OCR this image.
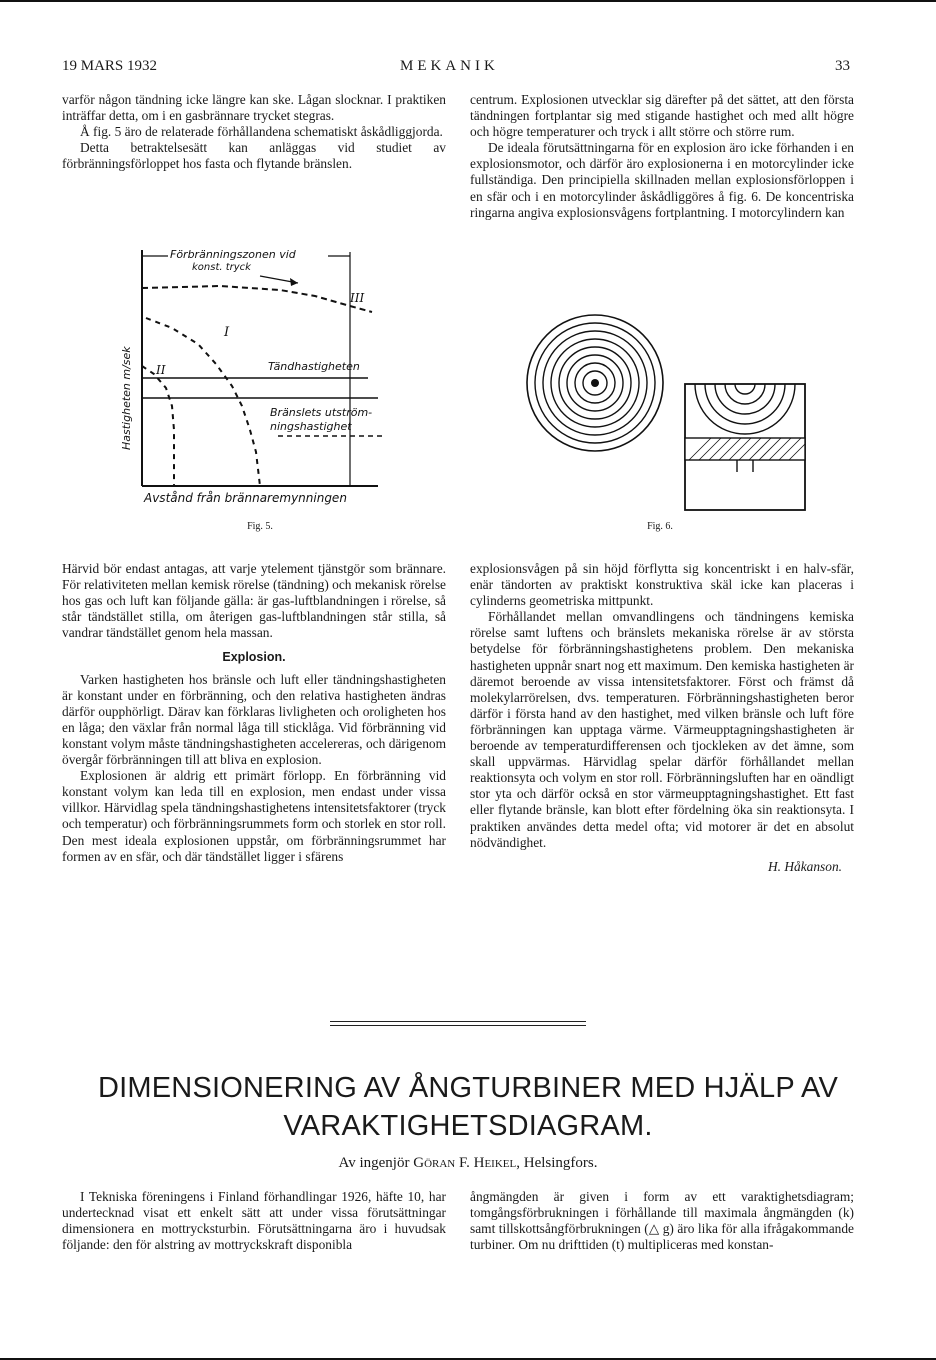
19 MARS 1932	MEKANIK	33

varför någon tändning icke längre kan ske. Lågan slocknar. I praktiken inträffar detta, om i en gasbrännare trycket stegras.

Å fig. 5 äro de relaterade förhållandena schematiskt åskådliggjorda.

Detta betraktelsesätt kan anläggas vid studiet av förbränningsförloppet hos fasta och flytande bränslen.

Förbränningszonen vid
konst. tryck
III
I
II	Tändhastigheten
Bränslets utström-
ningshastighet
Avstånd från brännaremynningen
Hastigheten m/sek
Fig. 5.

centrum. Explosionen utvecklar sig därefter på det sättet, att den första tändningen fortplantar sig med stigande hastighet och med allt högre och högre temperaturer och tryck i allt större och större rum.

De ideala förutsättningarna för en explosion äro icke förhanden i en explosionsmotor, och därför äro explosionerna i en motorcylinder icke fullständiga. Den principiella skillnaden mellan explosionsförloppen i en sfär och i en motorcylinder åskådliggöres å fig. 6. De koncentriska ringarna angiva explosionsvågens fortplantning. I motorcylindern kan

Fig. 6.

Härvid bör endast antagas, att varje ytelement tjänstgör som brännare. För relativiteten mellan kemisk rörelse (tändning) och mekanisk rörelse hos gas och luft kan följande gälla: är gas-luftblandningen i rörelse, så står tändstället stilla, om återigen gas-luftblandningen står stilla, så vandrar tändstället genom hela massan.

Explosion.

Varken hastigheten hos bränsle och luft eller tändningshastigheten är konstant under en förbränning, och den relativa hastigheten ändras därför oupphörligt. Därav kan förklaras livligheten och oroligheten hos en låga; den växlar från normal låga till sticklåga. Vid förbränning vid konstant volym måste tändningshastigheten accelereras, och därigenom övergår förbränningen till att bliva en explosion.

Explosionen är aldrig ett primärt förlopp. En förbränning vid konstant volym kan leda till en explosion, men endast under vissa villkor. Härvidlag spela tändningshastighetens intensitetsfaktorer (tryck och temperatur) och förbränningsrummets form och storlek en stor roll. Den mest ideala explosionen uppstår, om förbränningsrummet har formen av en sfär, och där tändstället ligger i sfärens

explosionsvågen på sin höjd förflytta sig koncentriskt i en halv-sfär, enär tändorten av praktiskt konstruktiva skäl icke kan placeras i cylinderns geometriska mittpunkt.

Förhållandet mellan omvandlingens och tändningens kemiska rörelse samt luftens och bränslets mekaniska rörelse är av största betydelse för förbränningshastighetens problem. Den mekaniska hastigheten uppnår snart nog ett maximum. Den kemiska hastigheten är däremot beroende av vissa intensitetsfaktorer. Först och främst då molekylarrörelsen, dvs. temperaturen. Förbränningshastigheten beror därför i första hand av den hastighet, med vilken bränsle och luft före förbränningen kan upptaga värme. Värmeupptagningshastigheten är beroende av temperaturdifferensen och tjockleken av det ämne, som skall uppvärmas. Härvidlag spelar därför förhållandet mellan reaktionsyta och volym en stor roll. Förbränningsluften har en oändligt stor yta och därför också en stor värmeupptagningshastighet. Ett fast eller flytande bränsle, kan blott efter fördelning öka sin reaktionsyta. I praktiken användes detta medel ofta; vid motorer är det en absolut nödvändighet.

H. Håkanson.
DIMENSIONERING AV ÅNGTURBINER MED HJÄLP AV
VARAKTIGHETSDIAGRAM.
Av ingenjör Göran F. Heikel, Helsingfors.

I Tekniska föreningens i Finland förhandlingar 1926, häfte 10, har undertecknad visat ett enkelt sätt att under vissa förutsättningar dimensionera en mottrycksturbin. Förutsättningarna äro i huvudsak följande: den för alstring av mottryckskraft disponibla

ångmängden är given i form av ett varaktighetsdiagram; tomgångsförbrukningen i förhållande till maximala ångmängden (k) samt tillskottsångförbrukningen (△ g) äro lika för alla ifrågakommande turbiner. Om nu drifttiden (t) multipliceras med konstan-
